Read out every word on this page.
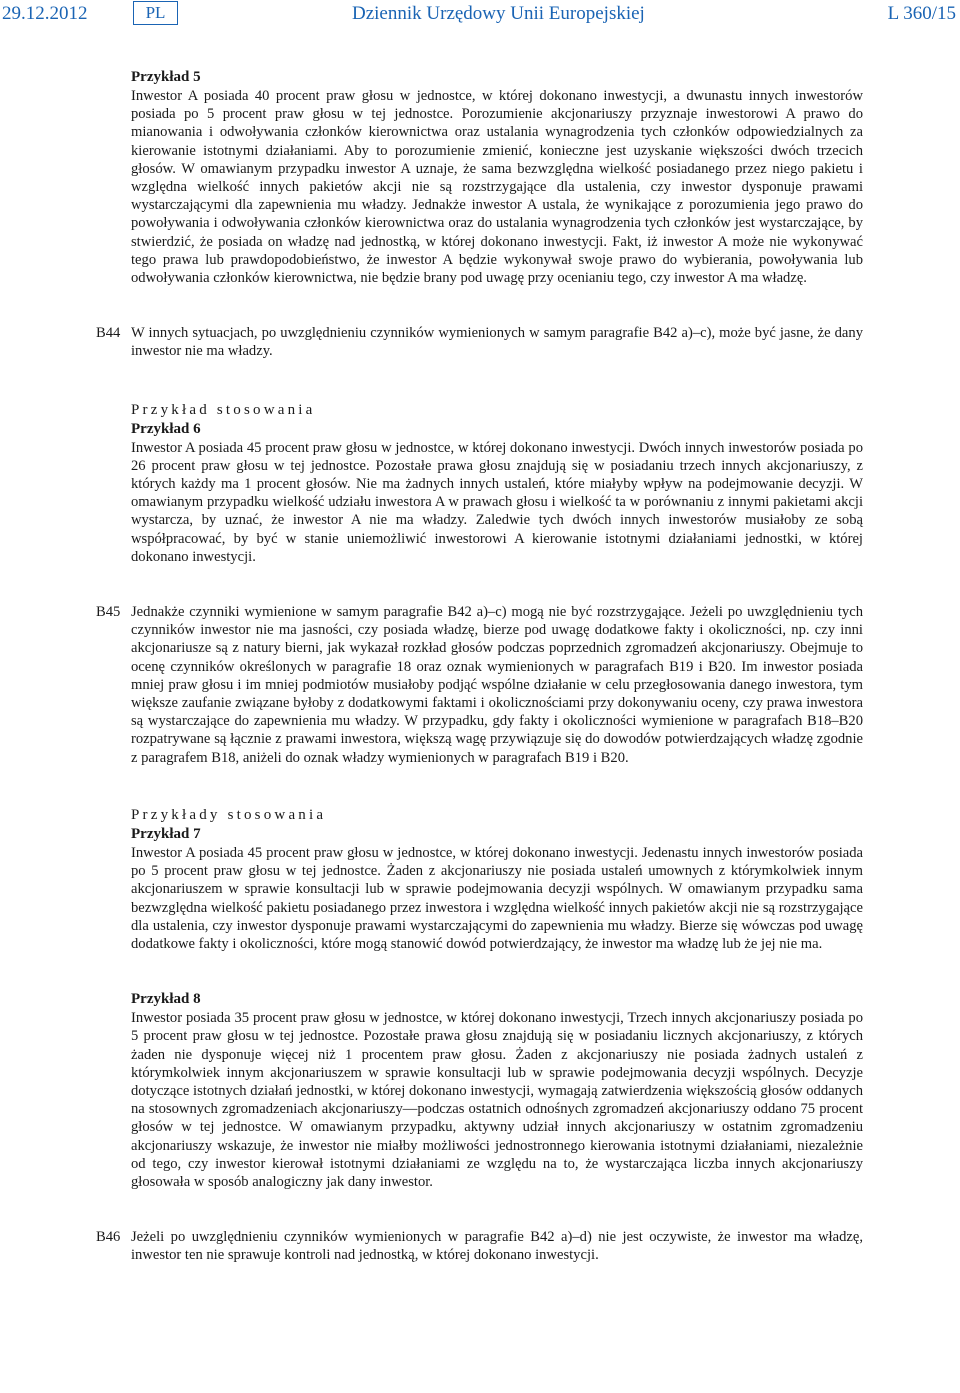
29.12.2012	PL	Dziennik Urzędowy Unii Europejskiej	L 360/15

Przykład 5

Inwestor A posiada 40 procent praw głosu w jednostce, w której dokonano inwestycji, a dwunastu innych inwestorów posiada po 5 procent praw głosu w tej jednostce. Porozumienie akcjonariuszy przyznaje inwestorowi A prawo do mianowania i odwoływania członków kierownictwa oraz ustalania wynagrodzenia tych członków odpowiedzialnych za kierowanie istotnymi działaniami. Aby to porozumienie zmienić, konieczne jest uzyskanie większości dwóch trzecich głosów. W omawianym przypadku inwestor A uznaje, że sama bezwzględna wielkość posiadanego przez niego pakietu i względna wielkość innych pakietów akcji nie są rozstrzygające dla ustalenia, czy inwestor dysponuje prawami wystarczającymi dla zapewnienia mu władzy. Jednakże inwestor A ustala, że wynikające z porozumienia jego prawo do powoływania i odwoływania członków kierownictwa oraz do ustalania wynagrodzenia tych członków jest wystarczające, by stwierdzić, że posiada on władzę nad jednostką, w której dokonano inwestycji. Fakt, iż inwestor A może nie wykonywać tego prawa lub prawdopodobieństwo, że inwestor A będzie wykonywał swoje prawo do wybierania, powoływania lub odwoływania członków kierownictwa, nie będzie brany pod uwagę przy ocenianiu tego, czy inwestor A ma władzę.

B44 W innych sytuacjach, po uwzględnieniu czynników wymienionych w samym paragrafie B42 a)–c), może być jasne, że dany inwestor nie ma władzy.

Przykład stosowania

Przykład 6

Inwestor A posiada 45 procent praw głosu w jednostce, w której dokonano inwestycji. Dwóch innych inwestorów posiada po 26 procent praw głosu w tej jednostce. Pozostałe prawa głosu znajdują się w posiadaniu trzech innych akcjonariuszy, z których każdy ma 1 procent głosów. Nie ma żadnych innych ustaleń, które miałyby wpływ na podejmowanie decyzji. W omawianym przypadku wielkość udziału inwestora A w prawach głosu i wielkość ta w porównaniu z innymi pakietami akcji wystarcza, by uznać, że inwestor A nie ma władzy. Zaledwie tych dwóch innych inwestorów musiałoby ze sobą współpracować, by być w stanie uniemożliwić inwestorowi A kierowanie istotnymi działaniami jednostki, w której dokonano inwestycji.

B45 Jednakże czynniki wymienione w samym paragrafie B42 a)–c) mogą nie być rozstrzygające. Jeżeli po uwzględnieniu tych czynników inwestor nie ma jasności, czy posiada władzę, bierze pod uwagę dodatkowe fakty i okoliczności, np. czy inni akcjonariusze są z natury bierni, jak wykazał rozkład głosów podczas poprzednich zgromadzeń akcjonariuszy. Obejmuje to ocenę czynników określonych w paragrafie 18 oraz oznak wymienionych w paragrafach B19 i B20. Im inwestor posiada mniej praw głosu i im mniej podmiotów musiałoby podjąć wspólne działanie w celu przegłosowania danego inwestora, tym większe zaufanie związane byłoby z dodatkowymi faktami i okolicznościami przy dokonywaniu oceny, czy prawa inwestora są wystarczające do zapewnienia mu władzy. W przypadku, gdy fakty i okoliczności wymienione w paragrafach B18–B20 rozpatrywane są łącznie z prawami inwestora, większą wagę przywiązuje się do dowodów potwierdzających władzę zgodnie z paragrafem B18, aniżeli do oznak władzy wymienionych w paragrafach B19 i B20.

Przykłady stosowania

Przykład 7

Inwestor A posiada 45 procent praw głosu w jednostce, w której dokonano inwestycji. Jedenastu innych inwestorów posiada po 5 procent praw głosu w tej jednostce. Żaden z akcjonariuszy nie posiada ustaleń umownych z którymkolwiek innym akcjonariuszem w sprawie konsultacji lub w sprawie podejmowania decyzji wspólnych. W omawianym przypadku sama bezwzględna wielkość pakietu posiadanego przez inwestora i względna wielkość innych pakietów akcji nie są rozstrzygające dla ustalenia, czy inwestor dysponuje prawami wystarczającymi do zapewnienia mu władzy. Bierze się wówczas pod uwagę dodatkowe fakty i okoliczności, które mogą stanowić dowód potwierdzający, że inwestor ma władzę lub że jej nie ma.

Przykład 8

Inwestor posiada 35 procent praw głosu w jednostce, w której dokonano inwestycji, Trzech innych akcjonariuszy posiada po 5 procent praw głosu w tej jednostce. Pozostałe prawa głosu znajdują się w posiadaniu licznych akcjonariuszy, z których żaden nie dysponuje więcej niż 1 procentem praw głosu. Żaden z akcjonariuszy nie posiada żadnych ustaleń z którymkolwiek innym akcjonariuszem w sprawie konsultacji lub w sprawie podejmowania decyzji wspólnych. Decyzje dotyczące istotnych działań jednostki, w której dokonano inwestycji, wymagają zatwierdzenia większością głosów oddanych na stosownych zgromadzeniach akcjonariuszy—podczas ostatnich odnośnych zgromadzeń akcjonariuszy oddano 75 procent głosów w tej jednostce. W omawianym przypadku, aktywny udział innych akcjonariuszy w ostatnim zgromadzeniu akcjonariuszy wskazuje, że inwestor nie miałby możliwości jednostronnego kierowania istotnymi działaniami, niezależnie od tego, czy inwestor kierował istotnymi działaniami ze względu na to, że wystarczająca liczba innych akcjonariuszy głosowała w sposób analogiczny jak dany inwestor.

B46 Jeżeli po uwzględnieniu czynników wymienionych w paragrafie B42 a)–d) nie jest oczywiste, że inwestor ma władzę, inwestor ten nie sprawuje kontroli nad jednostką, w której dokonano inwestycji.
